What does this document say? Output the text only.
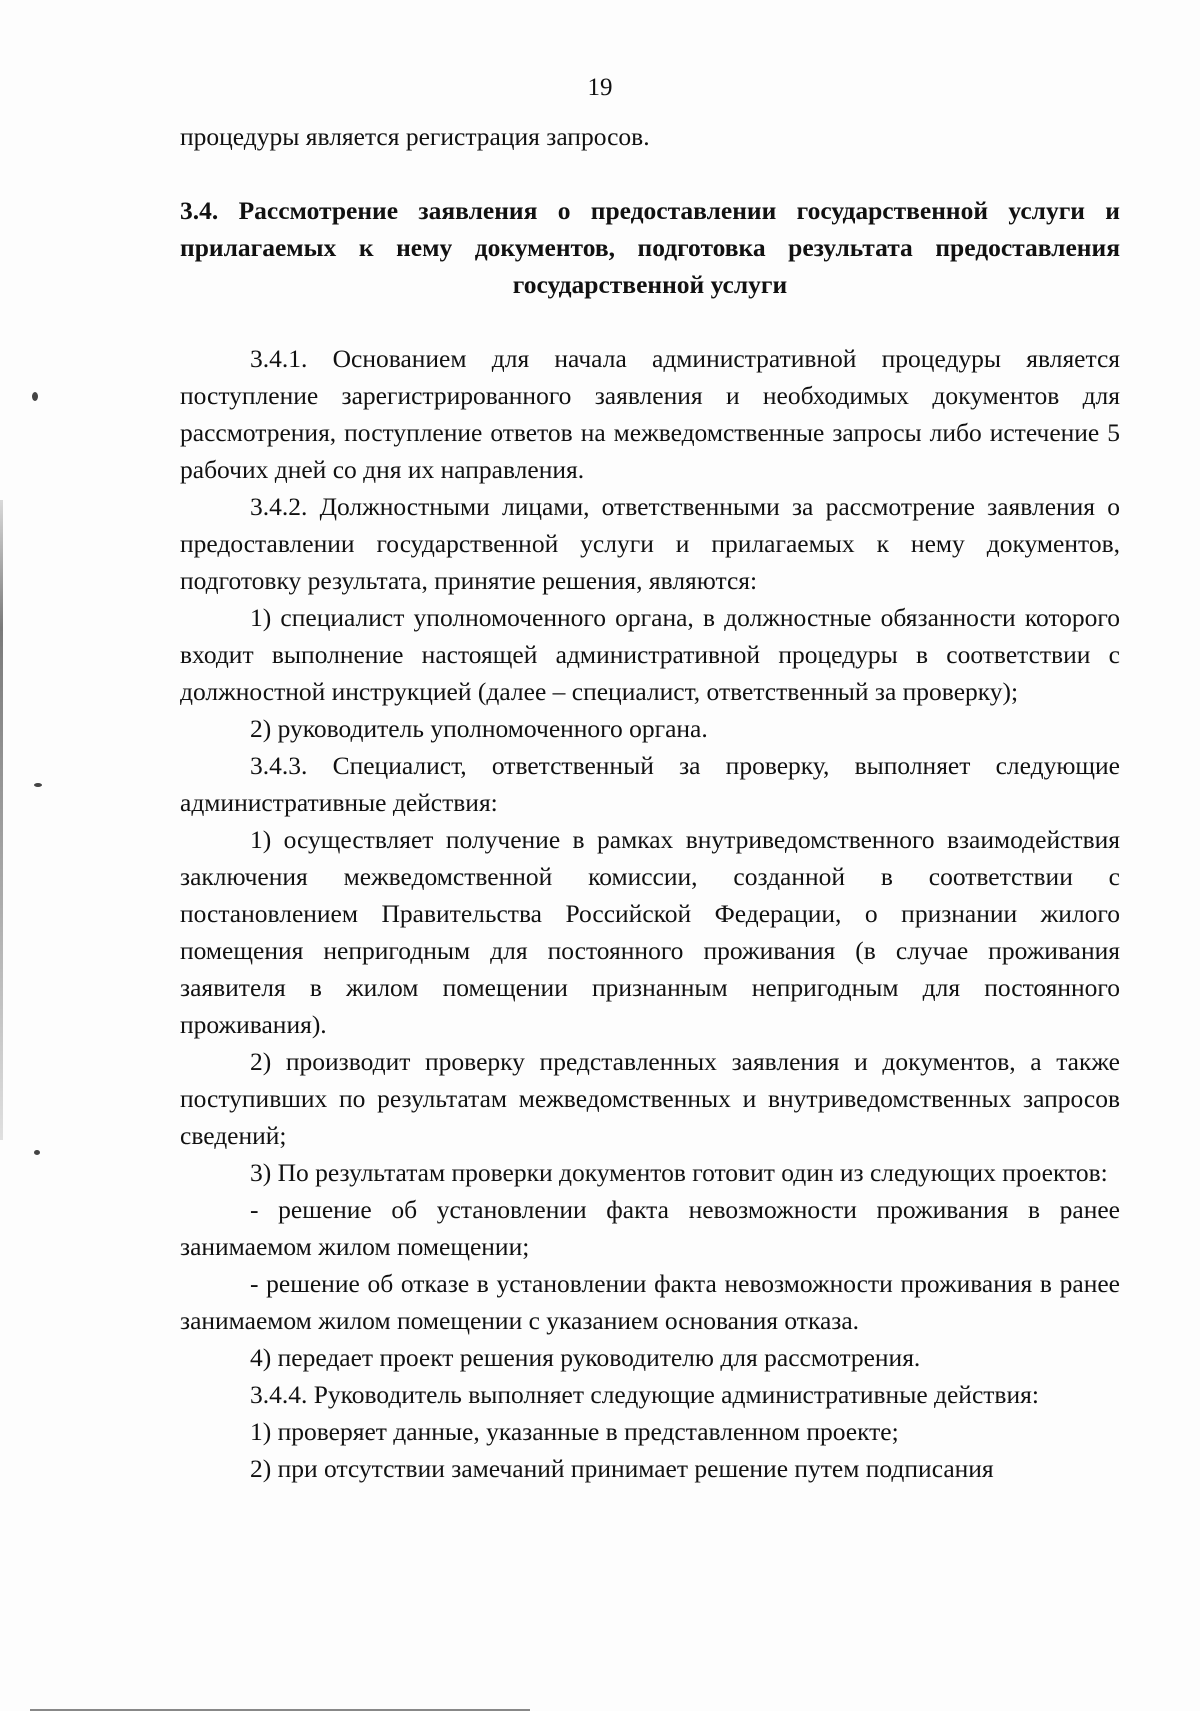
19

процедуры является регистрация запросов.

3.4. Рассмотрение заявления о предоставлении государственной услуги и
прилагаемых к нему документов, подготовка результата предоставления
государственной услуги

3.4.1. Основанием для начала административной процедуры является поступление зарегистрированного заявления и необходимых документов для рассмотрения, поступление ответов на межведомственные запросы либо истечение 5 рабочих дней со дня их направления.

3.4.2. Должностными лицами, ответственными за рассмотрение заявления о предоставлении государственной услуги и прилагаемых к нему документов, подготовку результата, принятие решения, являются:

1) специалист уполномоченного органа, в должностные обязанности которого входит выполнение настоящей административной процедуры в соответствии с должностной инструкцией (далее – специалист, ответственный за проверку);

2) руководитель уполномоченного органа.

3.4.3. Специалист, ответственный за проверку, выполняет следующие административные действия:

1) осуществляет получение в рамках внутриведомственного взаимодействия заключения межведомственной комиссии, созданной в соответствии с постановлением Правительства Российской Федерации, о признании жилого помещения непригодным для постоянного проживания (в случае проживания заявителя в жилом помещении признанным непригодным для постоянного проживания).

2) производит проверку представленных заявления и документов, а также поступивших по результатам межведомственных и внутриведомственных запросов сведений;

3) По результатам проверки документов готовит один из следующих проектов:

- решение об установлении факта невозможности проживания в ранее занимаемом жилом помещении;

- решение об отказе в установлении факта невозможности проживания в ранее занимаемом жилом помещении с указанием основания отказа.

4) передает проект решения руководителю для рассмотрения.

3.4.4. Руководитель выполняет следующие административные действия:

1) проверяет данные, указанные в представленном проекте;

2) при отсутствии замечаний принимает решение путем подписания
